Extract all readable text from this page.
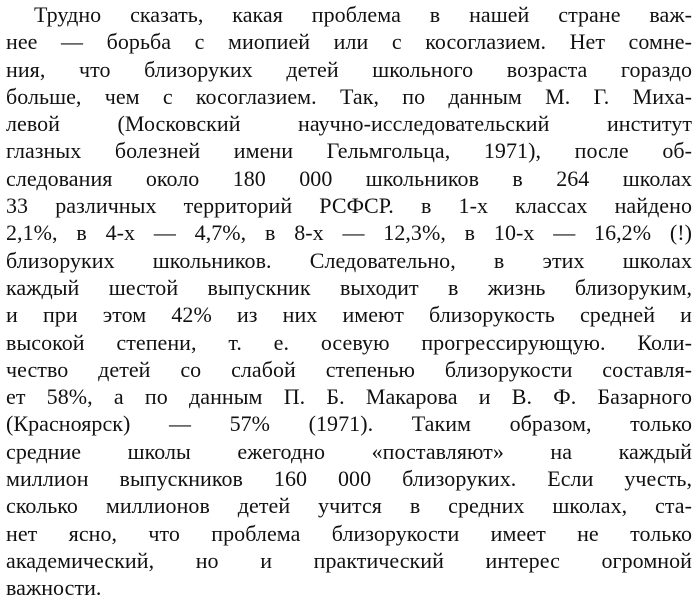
Трудно сказать, какая проблема в нашей стране важ-
нее — борьба с миопией или с косоглазием. Нет сомне-
ния, что близоруких детей школьного возраста гораздо
больше, чем с косоглазием. Так, по данным М. Г. Миха-
левой (Московский научно-исследовательский институт
глазных болезней имени Гельмгольца, 1971), после об-
следования около 180 000 школьников в 264 школах
33 различных территорий РСФСР. в 1-х классах найдено
2,1%, в 4-х — 4,7%, в 8-х — 12,3%, в 10-х — 16,2% (!)
близоруких школьников. Следовательно, в этих школах
каждый шестой выпускник выходит в жизнь близоруким,
и при этом 42% из них имеют близорукость средней и
высокой степени, т. е. осевую прогрессирующую. Коли-
чество детей со слабой степенью близорукости составля-
ет 58%, а по данным П. Б. Макарова и В. Ф. Базарного
(Красноярск) — 57% (1971). Таким образом, только
средние школы ежегодно «поставляют» на каждый
миллион выпускников 160 000 близоруких. Если учесть,
сколько миллионов детей учится в средних школах, ста-
нет ясно, что проблема близорукости имеет не только
академический, но и практический интерес огромной
важности.
